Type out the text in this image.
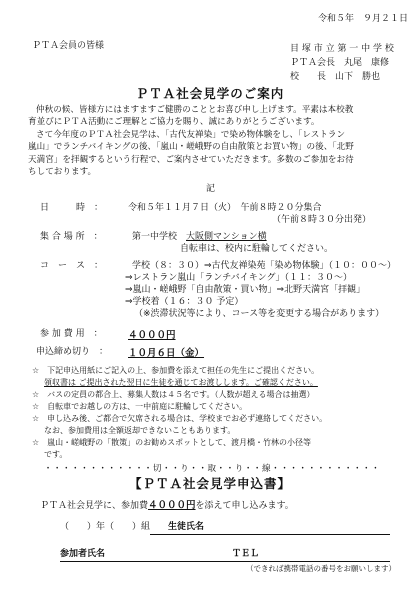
令和５年　９月２１日
ＰＴＡ会員の皆様	目 塚 市 立 第 一 中 学 校
ＰＴＡ会長　丸尾　康修
校　　長　山下　勝也
ＰＴＡ社会見学のご案内
仲秋の候、皆様方にはますますご健勝のこととお喜び申し上げます。平素は本校教
育並びにＰＴＡ活動にご理解とご協力を賜り、誠にありがとうございます。
さて今年度のＰＴＡ社会見学は、「古代友禅染」で染め物体験をし、「レストラン
嵐山」でランチバイキングの後、「嵐山・嵯峨野の自由散策とお買い物」の後、「北野
天満宮」を拝観するという行程で、ご案内させていただきます。多数のご参加をお待
ちしております。
記
日　　　時　：	令和５年１１月７日（火）　午前８時２０分集合
（午前８時３０分出発）
集 合 場 所　：	第一中学校　大阪側マンション横
自転車は、校内に駐輪してください。
コ　ー　ス　：	学校（８：３０）⇒古代友禅染苑「染め物体験」（１０：００～）
⇒レストラン嵐山「ランチバイキング」（１１：３０～）
⇒嵐山・嵯峨野「自由散策・買い物」⇒北野天満宮「拝観」
⇒学校着（１６：３０ 予定）
（※渋滞状況等により、コース等を変更する場合があります）
参 加 費 用　：	４０００円
申込締め切り　： １０月６日（金）
☆　 下記申込用紙にご記入の上、参加費を添えて担任の先生にご提出ください。
領収書は ご提出された翌日に生徒を通じてお渡しします。ご確認ください。
☆　 バスの定員の都合上、募集人数は４５名です。（人数が超える場合は抽選）
☆　 自転車でお越しの方は、一中前庭に駐輪してください。
☆　 申し込み後、ご都合で欠席される場合は、学校までお必ず連絡してください。
なお、参加費用は全額返却できないこともあります。
☆　 嵐山・嵯峨野の「散策」のお勧めスポットとして、渡月橋・竹林の小径等
です。
・・・・・・・・・・・・切・・り・・取・・り・・線・・・・・・・・・・・・
【ＰＴＡ社会見学申込書】
ＰＴＡ社会見学に、参加費４０００円を添えて申し込みます。
（　　）年（　　）組　　生徒氏名
参加者氏名	ＴＥＬ
（できれば携帯電話の番号をお願いします）
